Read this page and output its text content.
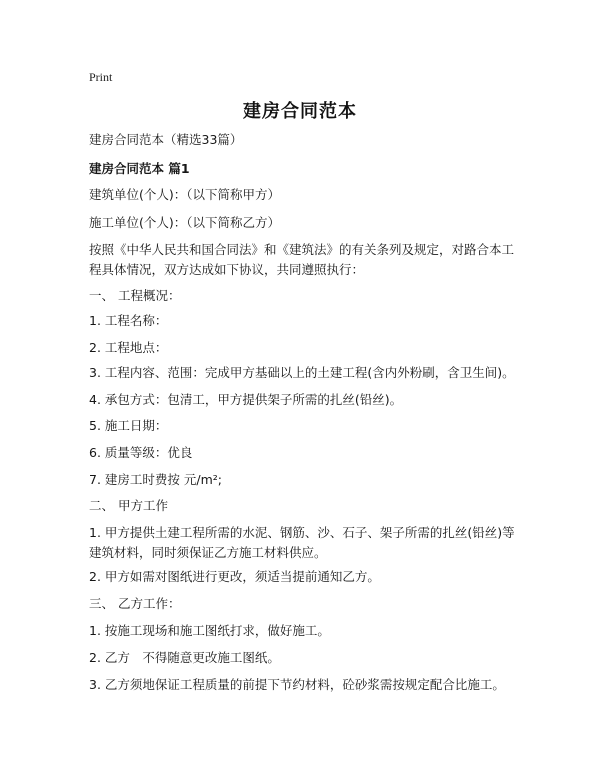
Print
建房合同范本
建房合同范本（精选33篇）
建房合同范本 篇1
建筑单位(个人)：（以下简称甲方）
施工单位(个人)：（以下简称乙方）
按照《中华人民共和国合同法》和《建筑法》的有关条列及规定，对路合本工程具体情况，双方达成如下协议，共同遵照执行：
一、 工程概况：
1. 工程名称：
2. 工程地点：
3. 工程内容、范围：完成甲方基础以上的土建工程(含内外粉刷，含卫生间)。
4. 承包方式：包清工，甲方提供架子所需的扎丝(铅丝)。
5. 施工日期：
6. 质量等级：优良
7. 建房工时费按 元/m²;
二、 甲方工作
1. 甲方提供土建工程所需的水泥、钢筋、沙、石子、架子所需的扎丝(铅丝)等建筑材料，同时须保证乙方施工材料供应。
2. 甲方如需对图纸进行更改，须适当提前通知乙方。
三、 乙方工作：
1. 按施工现场和施工图纸打求，做好施工。
2. 乙方　不得随意更改施工图纸。
3. 乙方须地保证工程质量的前提下节约材料，砼砂浆需按规定配合比施工。
